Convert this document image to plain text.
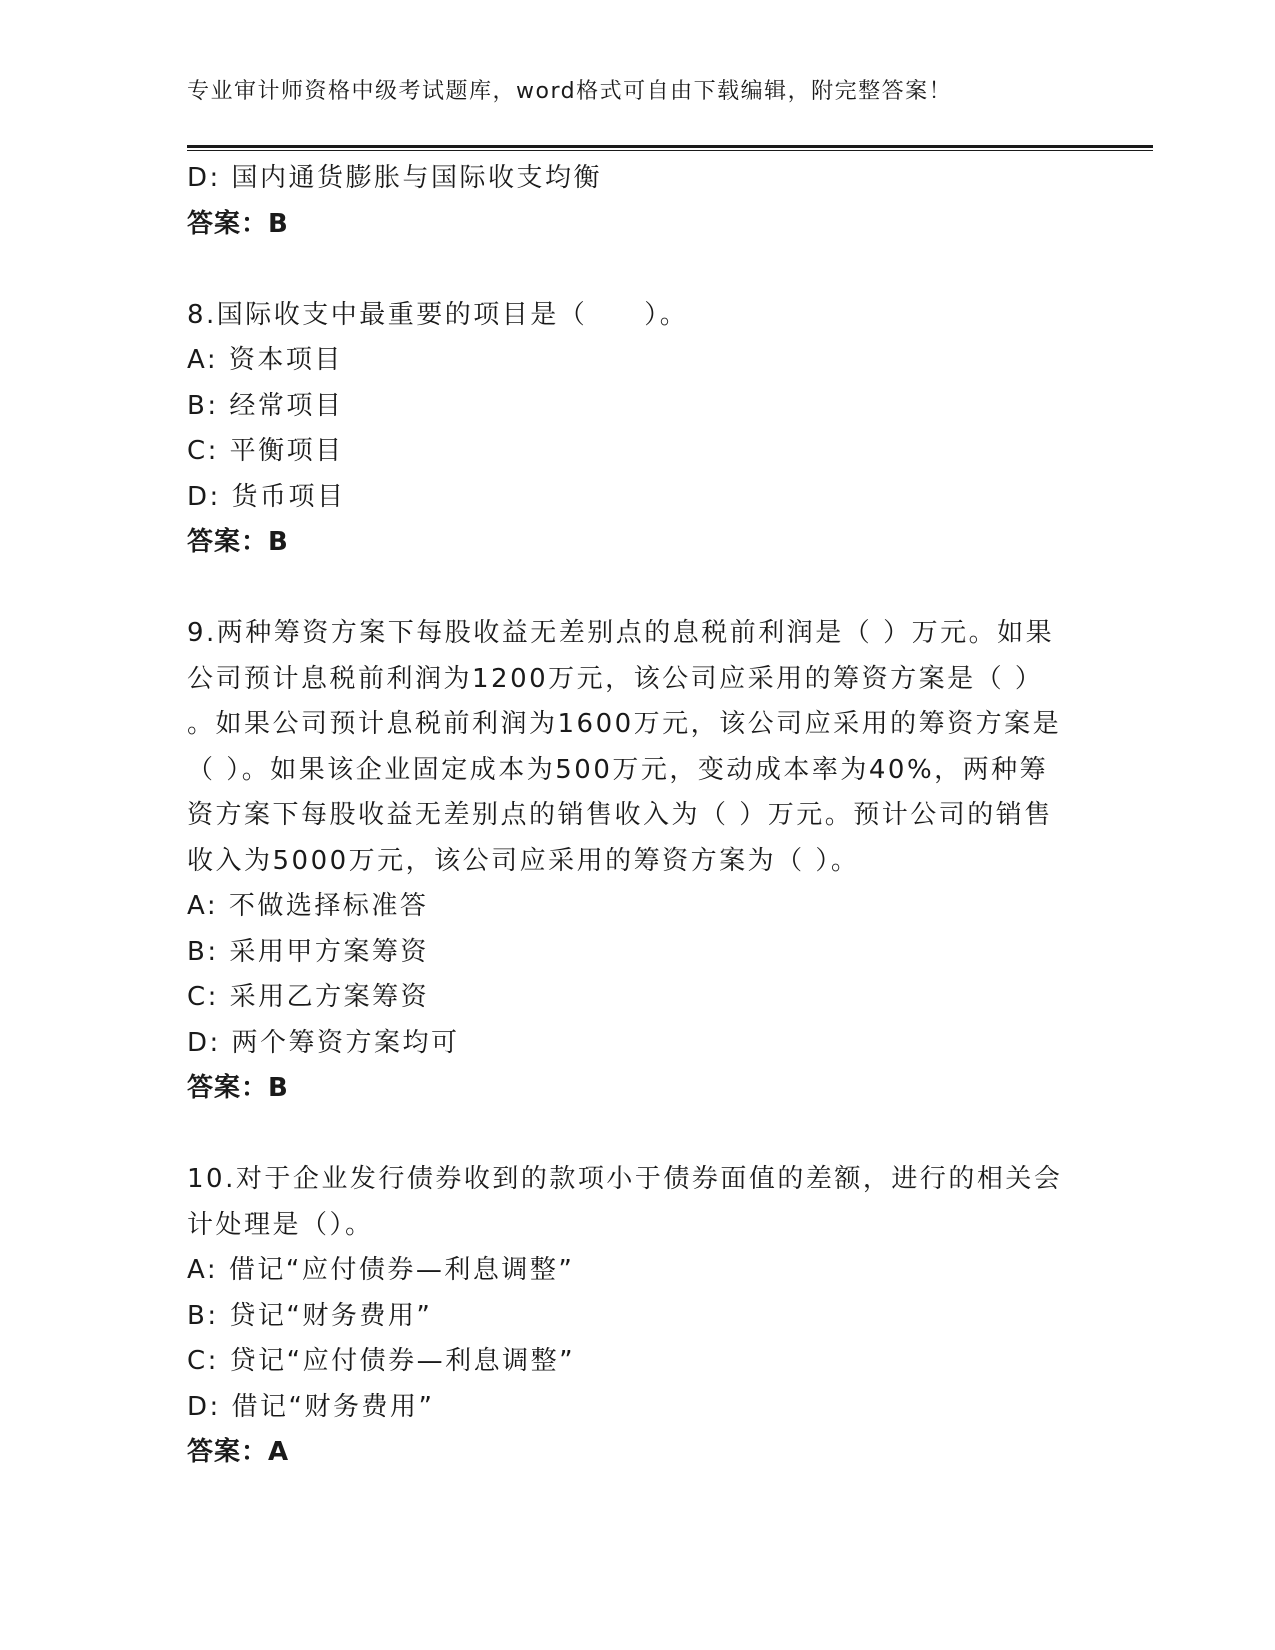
专业审计师资格中级考试题库，word格式可自由下载编辑，附完整答案！
D: 国内通货膨胀与国际收支均衡
答案：B
8.国际收支中最重要的项目是（　　）。
A: 资本项目
B: 经常项目
C: 平衡项目
D: 货币项目
答案：B
9.两种筹资方案下每股收益无差别点的息税前利润是（ ）万元。如果
公司预计息税前利润为1200万元，该公司应采用的筹资方案是（ ）
。如果公司预计息税前利润为1600万元，该公司应采用的筹资方案是
（ ）。如果该企业固定成本为500万元，变动成本率为40%，两种筹
资方案下每股收益无差别点的销售收入为（ ）万元。预计公司的销售
收入为5000万元，该公司应采用的筹资方案为（ ）。
A: 不做选择标准答
B: 采用甲方案筹资
C: 采用乙方案筹资
D: 两个筹资方案均可
答案：B
10.对于企业发行债券收到的款项小于债券面值的差额，进行的相关会
计处理是（）。
A: 借记“应付债券—利息调整”
B: 贷记“财务费用”
C: 贷记“应付债券—利息调整”
D: 借记“财务费用”
答案：A
